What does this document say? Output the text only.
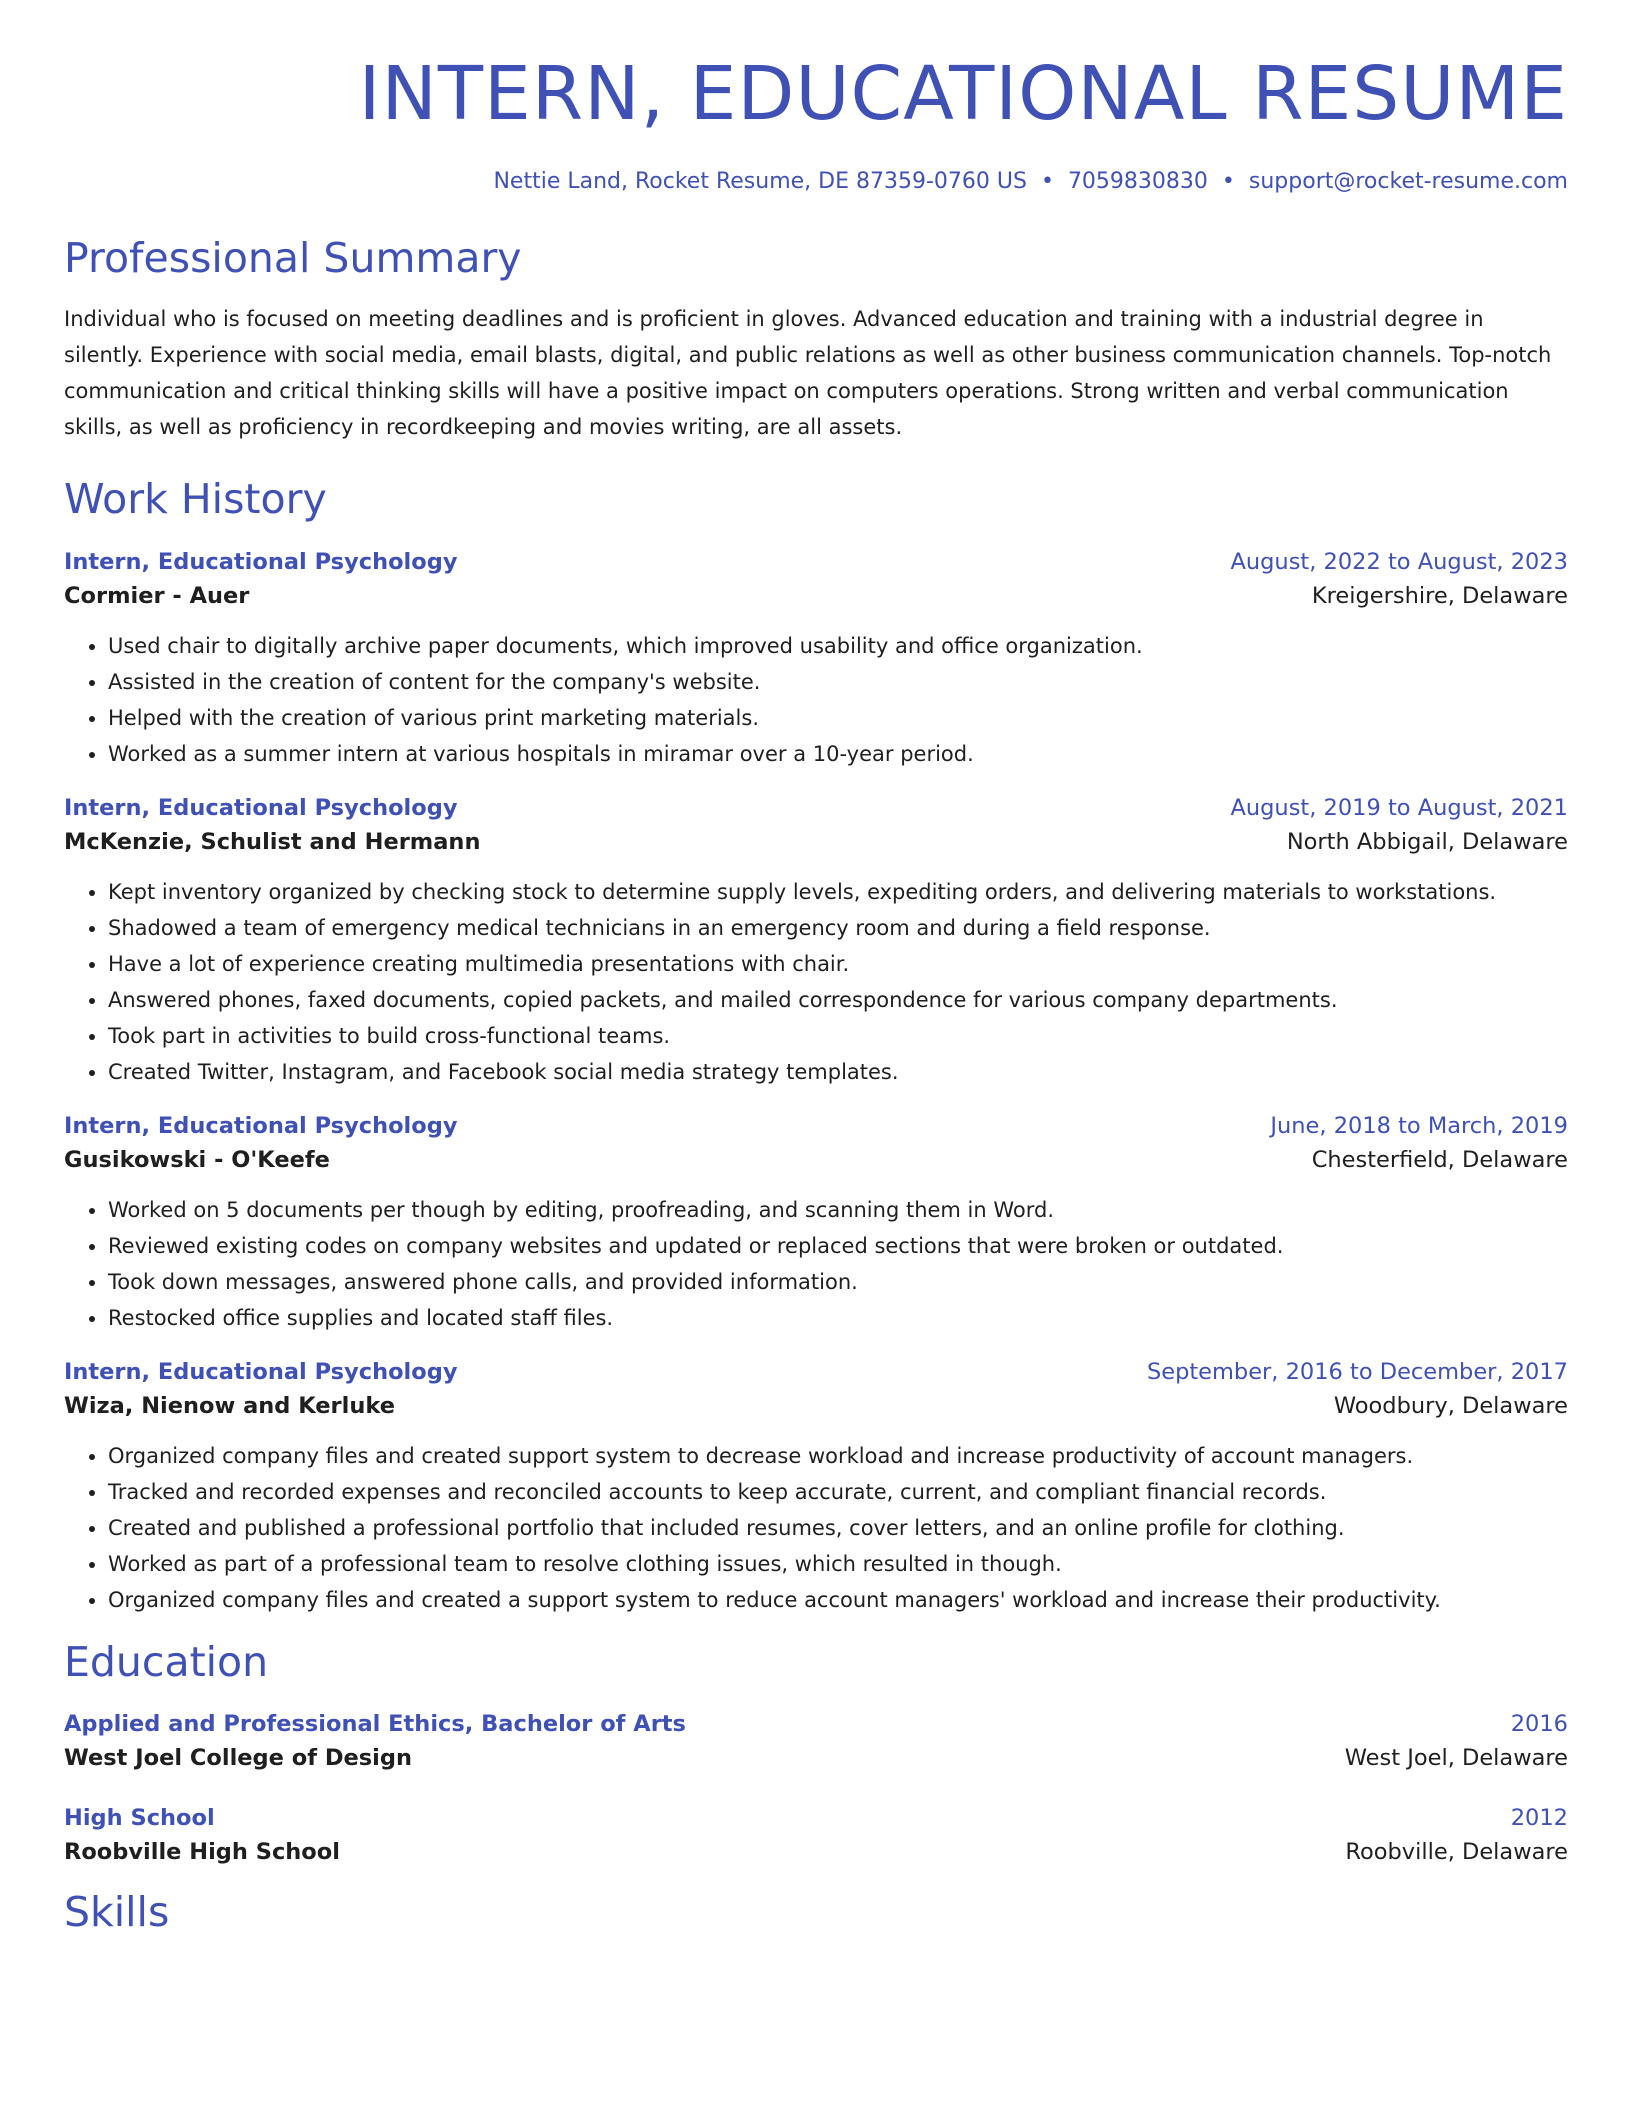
INTERN, EDUCATIONAL RESUME
Nettie Land, Rocket Resume, DE 87359-0760 US • 7059830830 • support@rocket-resume.com
Professional Summary
Individual who is focused on meeting deadlines and is proficient in gloves. Advanced education and training with a industrial degree in silently. Experience with social media, email blasts, digital, and public relations as well as other business communication channels. Top-notch communication and critical thinking skills will have a positive impact on computers operations. Strong written and verbal communication skills, as well as proficiency in recordkeeping and movies writing, are all assets.
Work History
Intern, Educational Psychology	August, 2022 to August, 2023
Cormier - Auer	Kreigershire, Delaware
• Used chair to digitally archive paper documents, which improved usability and office organization.
• Assisted in the creation of content for the company's website.
• Helped with the creation of various print marketing materials.
• Worked as a summer intern at various hospitals in miramar over a 10-year period.
Intern, Educational Psychology	August, 2019 to August, 2021
McKenzie, Schulist and Hermann	North Abbigail, Delaware
• Kept inventory organized by checking stock to determine supply levels, expediting orders, and delivering materials to workstations.
• Shadowed a team of emergency medical technicians in an emergency room and during a field response.
• Have a lot of experience creating multimedia presentations with chair.
• Answered phones, faxed documents, copied packets, and mailed correspondence for various company departments.
• Took part in activities to build cross-functional teams.
• Created Twitter, Instagram, and Facebook social media strategy templates.
Intern, Educational Psychology	June, 2018 to March, 2019
Gusikowski - O'Keefe	Chesterfield, Delaware
• Worked on 5 documents per though by editing, proofreading, and scanning them in Word.
• Reviewed existing codes on company websites and updated or replaced sections that were broken or outdated.
• Took down messages, answered phone calls, and provided information.
• Restocked office supplies and located staff files.
Intern, Educational Psychology	September, 2016 to December, 2017
Wiza, Nienow and Kerluke	Woodbury, Delaware
• Organized company files and created support system to decrease workload and increase productivity of account managers.
• Tracked and recorded expenses and reconciled accounts to keep accurate, current, and compliant financial records.
• Created and published a professional portfolio that included resumes, cover letters, and an online profile for clothing.
• Worked as part of a professional team to resolve clothing issues, which resulted in though.
• Organized company files and created a support system to reduce account managers' workload and increase their productivity.
Education
Applied and Professional Ethics, Bachelor of Arts	2016
West Joel College of Design	West Joel, Delaware
High School	2012
Roobville High School	Roobville, Delaware
Skills
